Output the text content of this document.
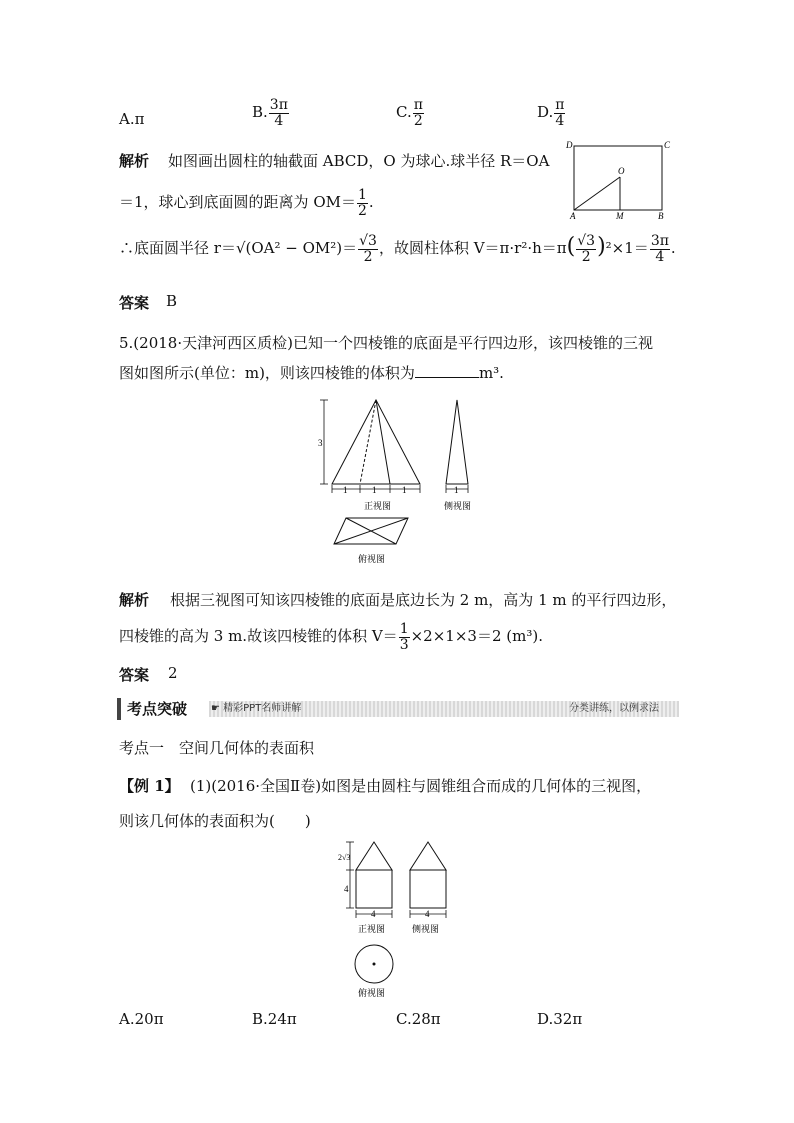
A.π	B. $\frac{3\pi}{4}$	C. $\frac{\pi}{2}$	D. $\frac{\pi}{4}$
解析 如图画出圆柱的轴截面 ABCD，O 为球心.球半径 R＝OA
＝1，球心到底面圆的距离为 $OM= \frac{1}{2}$ .
∴底面圆半径 $r=√(OA^2 - OM^2)= \frac{√3}{2}$ ，故圆柱体积 $V=\pi\cdot r^2\cdot h=\pi( \frac{√3}{2} )^2\times 1= \frac{3\pi}{4}$ .
答案 B
D	C
O
A	M	B
5.(2018·天津河西区质检)已知一个四棱锥的底面是平行四边形，该四棱锥的三视
图如图所示(单位：m)，则该四棱锥的体积为	m³.
3
1	1	1
正视图
1
侧视图
俯视图
解析 根据三视图可知该四棱锥的底面是底边长为 2 m，高为 1 m 的平行四边形，
四棱锥的高为 3 m.故该四棱锥的体积 $V= \frac{1}{3} \times 2\times 1\times 3=2$ (m³).
答案 2
考点突破	☛ 精彩PPT名师讲解	分类讲练，以例求法
考点一　空间几何体的表面积
【例 1】 (1)(2016·全国Ⅱ卷)如图是由圆柱与圆锥组合而成的几何体的三视图，
则该几何体的表面积为(　　)
2√3
4
4
正视图
4
侧视图
俯视图
A.20π	B.24π	C.28π	D.32π
